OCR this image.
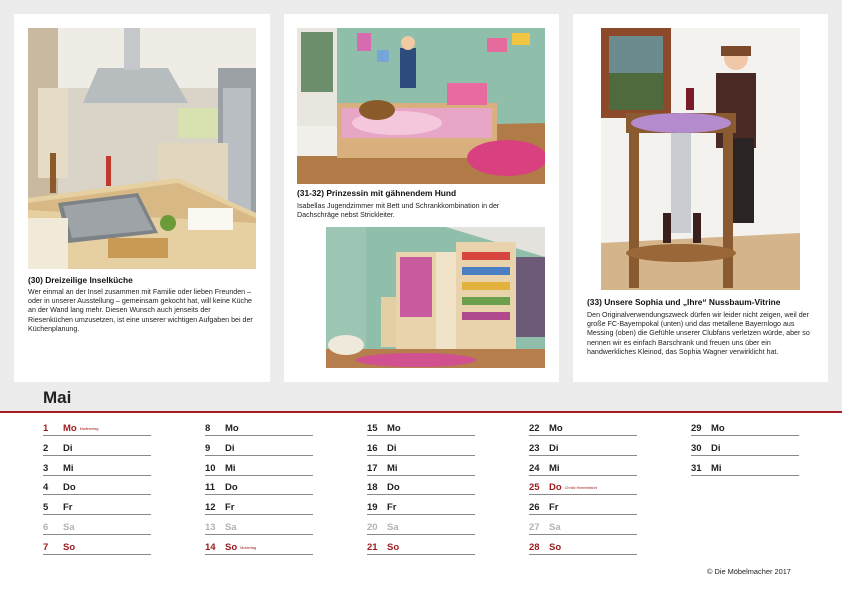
(30) Dreizeilige Inselküche
Wer einmal an der Insel zusammen mit Familie oder lieben Freunden – oder in unserer Ausstellung – gemeinsam gekocht hat, will keine Küche an der Wand lang mehr. Diesen Wunsch auch jenseits der Riesenküchen umzusetzen, ist eine unserer wichtigen Aufgaben bei der Küchenplanung.
(31-32) Prinzessin mit gähnendem Hund
Isabellas Jugendzimmer mit Bett und Schrankkombination in der Dachschräge nebst Strickleiter.
(33) Unsere Sophia und „Ihre“ Nussbaum-Vitrine
Den Originalverwendungszweck dürfen wir leider nicht zeigen, weil der große FC-Bayernpokal (unten) und das metallene Bayernlogo aus Messing (oben) die Gefühle unserer Clubfans verletzen würde, aber so nennen wir es einfach Barschrank und freuen uns über ein handwerkliches Kleinod, das Sophia Wagner verwirklicht hat.
Mai
1 Mo Maifeiertag
2 Di
3 Mi
4 Do
5 Fr
6 Sa
7 So
8 Mo
9 Di
10 Mi
11 Do
12 Fr
13 Sa
14 So Muttertag
15 Mo
16 Di
17 Mi
18 Do
19 Fr
20 Sa
21 So
22 Mo
23 Di
24 Mi
25 Do Christi Himmelfahrt
26 Fr
27 Sa
28 So
29 Mo
30 Di
31 Mi
© Die Möbelmacher 2017
